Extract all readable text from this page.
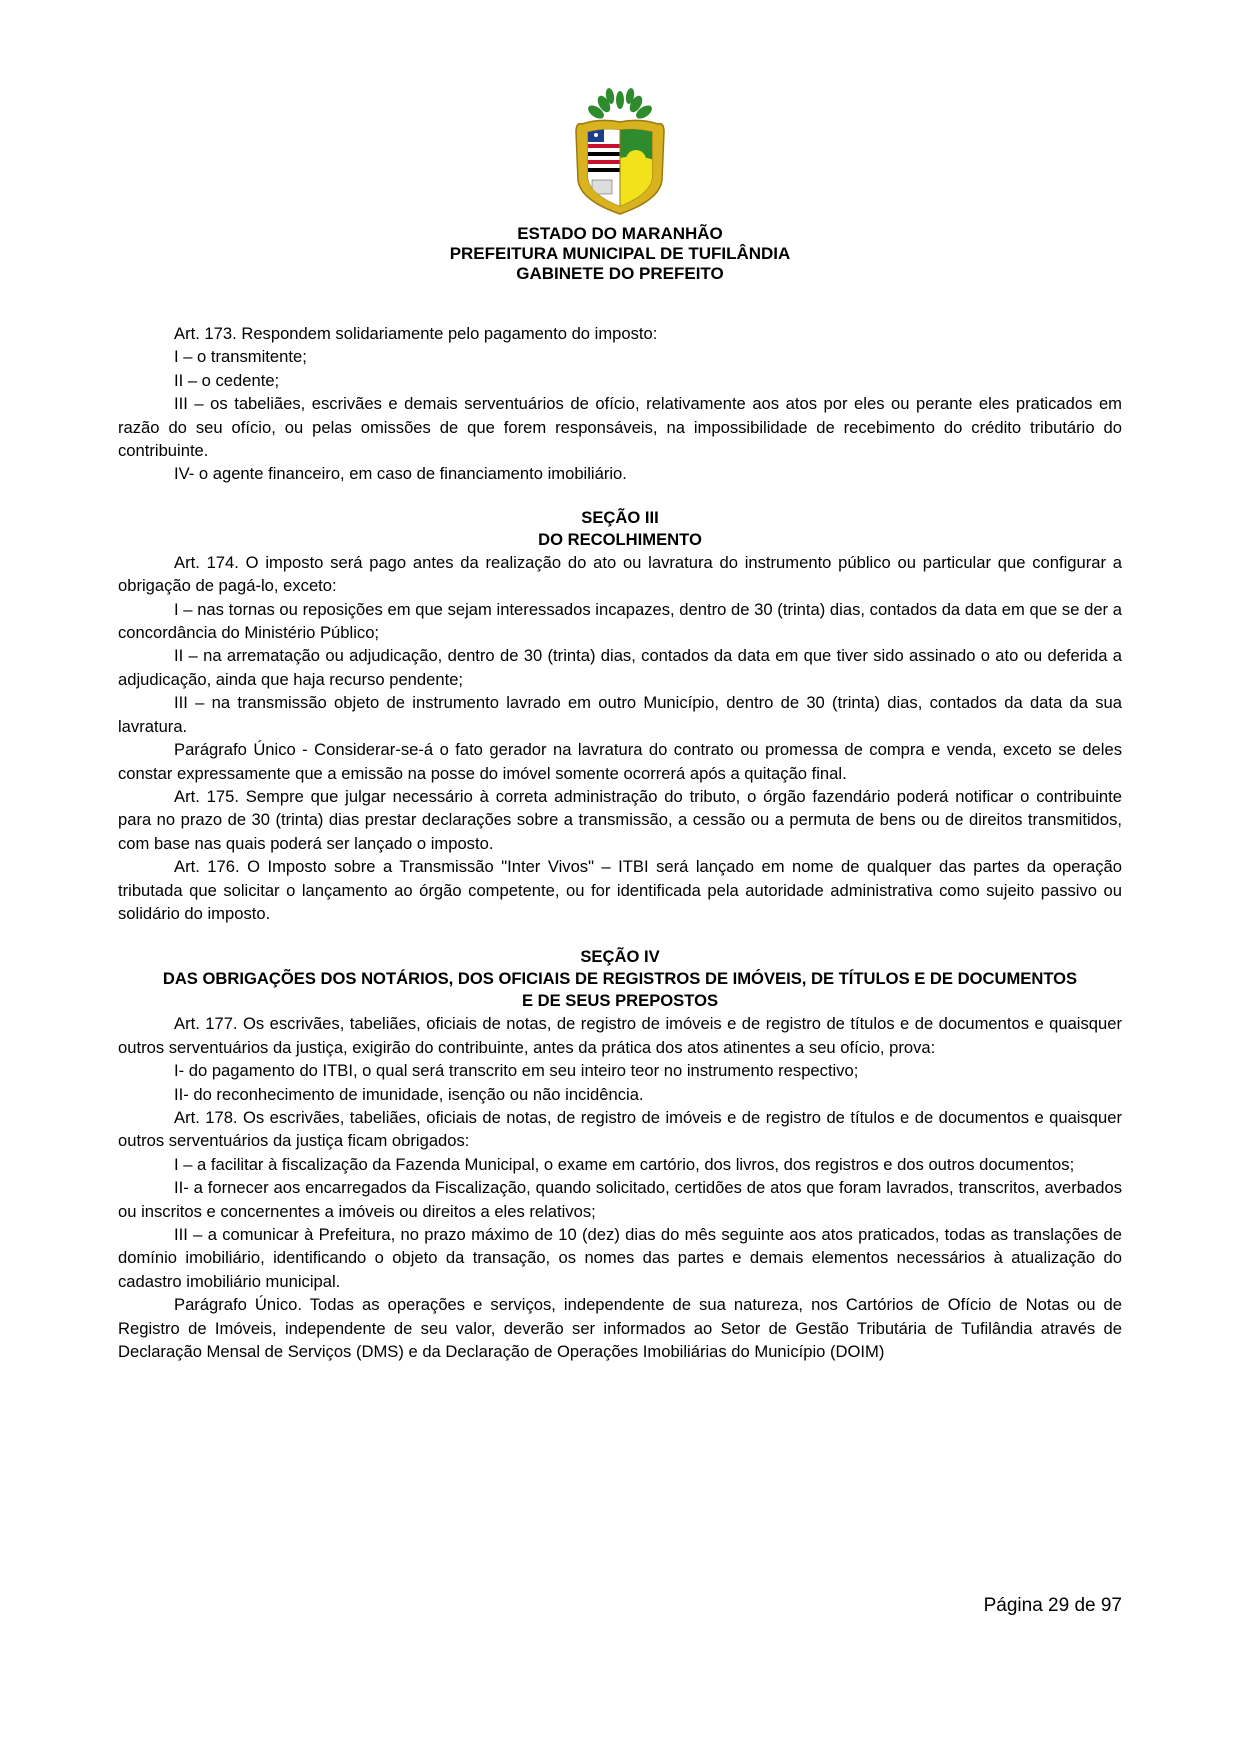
ESTADO DO MARANHÃO
PREFEITURA MUNICIPAL DE TUFILÂNDIA
GABINETE DO PREFEITO

Art. 173. Respondem solidariamente pelo pagamento do imposto:

I – o transmitente;

II – o cedente;

III – os tabeliães, escrivães e demais serventuários de ofício, relativamente aos atos por eles ou perante eles praticados em razão do seu ofício, ou pelas omissões de que forem responsáveis, na impossibilidade de recebimento do crédito tributário do contribuinte.

IV- o agente financeiro, em caso de financiamento imobiliário.

SEÇÃO III

DO RECOLHIMENTO

Art. 174. O imposto será pago antes da realização do ato ou lavratura do instrumento público ou particular que configurar a obrigação de pagá-lo, exceto:

I – nas tornas ou reposições em que sejam interessados incapazes, dentro de 30 (trinta) dias, contados da data em que se der a concordância do Ministério Público;

II – na arrematação ou adjudicação, dentro de 30 (trinta) dias, contados da data em que tiver sido assinado o ato ou deferida a adjudicação, ainda que haja recurso pendente;

III – na transmissão objeto de instrumento lavrado em outro Município, dentro de 30 (trinta) dias, contados da data da sua lavratura.

Parágrafo Único - Considerar-se-á o fato gerador na lavratura do contrato ou promessa de compra e venda, exceto se deles constar expressamente que a emissão na posse do imóvel somente ocorrerá após a quitação final.

Art. 175. Sempre que julgar necessário à correta administração do tributo, o órgão fazendário poderá notificar o contribuinte para no prazo de 30 (trinta) dias prestar declarações sobre a transmissão, a cessão ou a permuta de bens ou de direitos transmitidos, com base nas quais poderá ser lançado o imposto.

Art. 176. O Imposto sobre a Transmissão "Inter Vivos" – ITBI será lançado em nome de qualquer das partes da operação tributada que solicitar o lançamento ao órgão competente, ou for identificada pela autoridade administrativa como sujeito passivo ou solidário do imposto.

SEÇÃO IV

DAS OBRIGAÇÕES DOS NOTÁRIOS, DOS OFICIAIS DE REGISTROS DE IMÓVEIS, DE TÍTULOS E DE DOCUMENTOS

E DE SEUS PREPOSTOS

Art. 177. Os escrivães, tabeliães, oficiais de notas, de registro de imóveis e de registro de títulos e de documentos e quaisquer outros serventuários da justiça, exigirão do contribuinte, antes da prática dos atos atinentes a seu ofício, prova:

I- do pagamento do ITBI, o qual será transcrito em seu inteiro teor no instrumento respectivo;

II- do reconhecimento de imunidade, isenção ou não incidência.

Art. 178. Os escrivães, tabeliães, oficiais de notas, de registro de imóveis e de registro de títulos e de documentos e quaisquer outros serventuários da justiça ficam obrigados:

I – a facilitar à fiscalização da Fazenda Municipal, o exame em cartório, dos livros, dos registros e dos outros documentos;

II- a fornecer aos encarregados da Fiscalização, quando solicitado, certidões de atos que foram lavrados, transcritos, averbados ou inscritos e concernentes a imóveis ou direitos a eles relativos;

III – a comunicar à Prefeitura, no prazo máximo de 10 (dez) dias do mês seguinte aos atos praticados, todas as translações de domínio imobiliário, identificando o objeto da transação, os nomes das partes e demais elementos necessários à atualização do cadastro imobiliário municipal.

Parágrafo Único. Todas as operações e serviços, independente de sua natureza, nos Cartórios de Ofício de Notas ou de Registro de Imóveis, independente de seu valor, deverão ser informados ao Setor de Gestão Tributária de Tufilândia através de Declaração Mensal de Serviços (DMS) e da Declaração de Operações Imobiliárias do Município (DOIM)

Página 29 de 97
